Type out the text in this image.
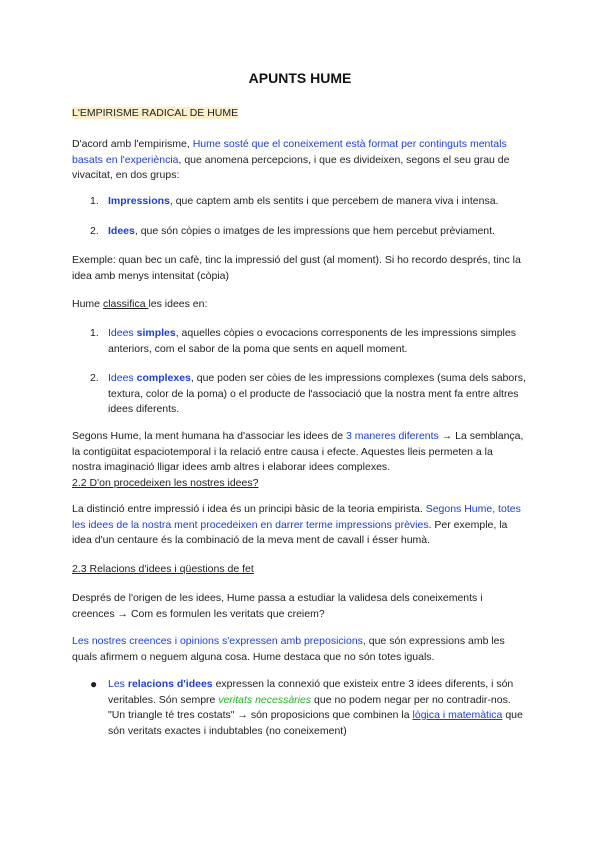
APUNTS HUME
L'EMPIRISME RADICAL DE HUME
D'acord amb l'empirisme, Hume sosté que el coneixement està format per continguts mentals basats en l'experiència, que anomena percepcions, i que es divideixen, segons el seu grau de vivacitat, en dos grups:
1. Impressions, que captem amb els sentits i que percebem de manera viva i intensa.
2. Idees, que són còpies o imatges de les impressions que hem percebut prèviament.
Exemple: quan bec un cafè, tinc la impressió del gust (al moment). Si ho recordo després, tinc la idea amb menys intensitat (còpia)
Hume classifica les idees en:
1. Idees simples, aquelles còpies o evocacions corresponents de les impressions simples anteriors, com el sabor de la poma que sents en aquell moment.
2. Idees complexes, que poden ser còies de les impressions complexes (suma dels sabors, textura, color de la poma) o el producte de l'associació que la nostra ment fa entre altres idees diferents.
Segons Hume, la ment humana ha d'associar les idees de 3 maneres diferents → La semblança, la contigüitat espaciotemporal i la relació entre causa i efecte. Aquestes lleis permeten a la nostra imaginació lligar idees amb altres i elaborar idees complexes.
2.2 D'on procedeixen les nostres idees?
La distinció entre impressió i idea és un principi bàsic de la teoria empirista. Segons Hume, totes les idees de la nostra ment procedeixen en darrer terme impressions prèvies. Per exemple, la idea d'un centaure és la combinació de la meva ment de cavall i ésser humà.
2.3 Relacions d'idees i qüestions de fet
Després de l'origen de les idees, Hume passa a estudiar la validesa dels coneixements i creences → Com es formulen les veritats que creiem?
Les nostres creences i opinions s'expressen amb preposicions, que són expressions amb les quals afirmem o neguem alguna cosa. Hume destaca que no són totes iguals.
● Les relacions d'idees expressen la connexió que existeix entre 3 idees diferents, i són veritables. Són sempre veritats necessàries que no podem negar per no contradir-nos. "Un triangle té tres costats" → són proposicions que combinen la lògica i matemàtica que són veritats exactes i indubtables (no coneixement)
